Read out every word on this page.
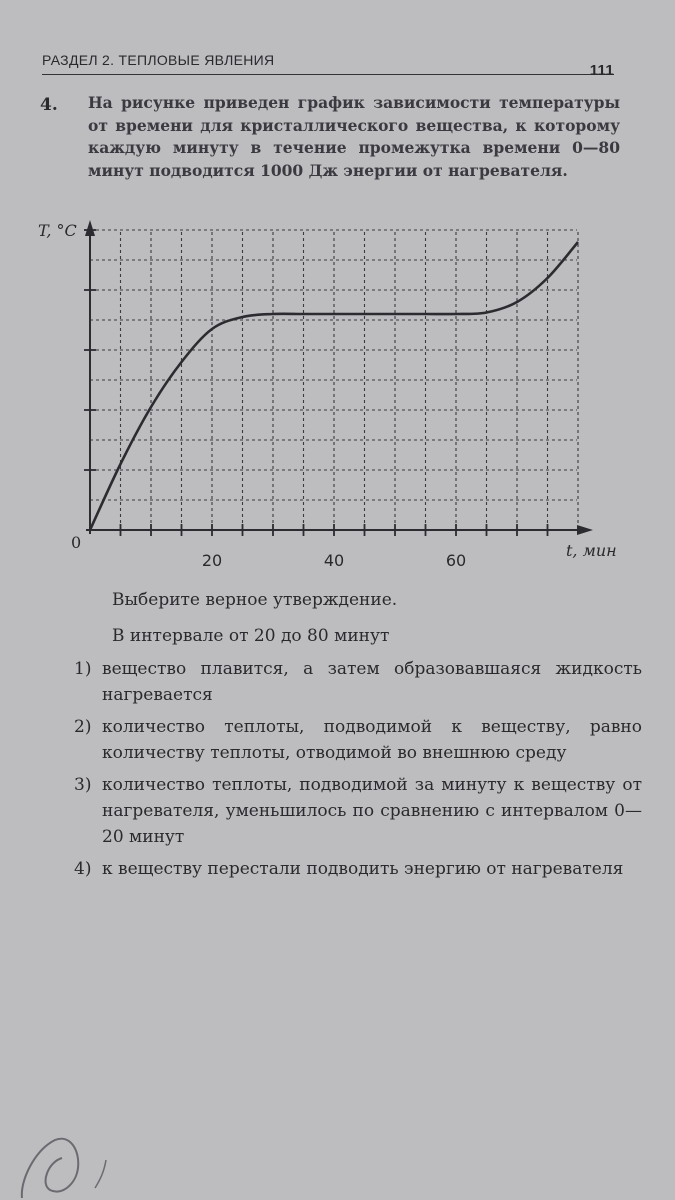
РАЗДЕЛ 2. ТЕПЛОВЫЕ ЯВЛЕНИЯ
111
4. На рисунке приведен график зависимости температуры от времени для кристаллического вещества, к которому каждую минуту в течение промежутка времени 0—80 минут подводится 1000 Дж энергии от нагревателя.
T, °C
t, мин
0
20	40	60
Выберите верное утверждение.
В интервале от 20 до 80 минут
1) вещество плавится, а затем образовавшаяся жидкость нагревается
2) количество теплоты, подводимой к веществу, равно количеству теплоты, отводимой во внешнюю среду
3) количество теплоты, подводимой за минуту к веществу от нагревателя, уменьшилось по сравнению с интервалом 0—20 минут
4) к веществу перестали подводить энергию от нагревателя
